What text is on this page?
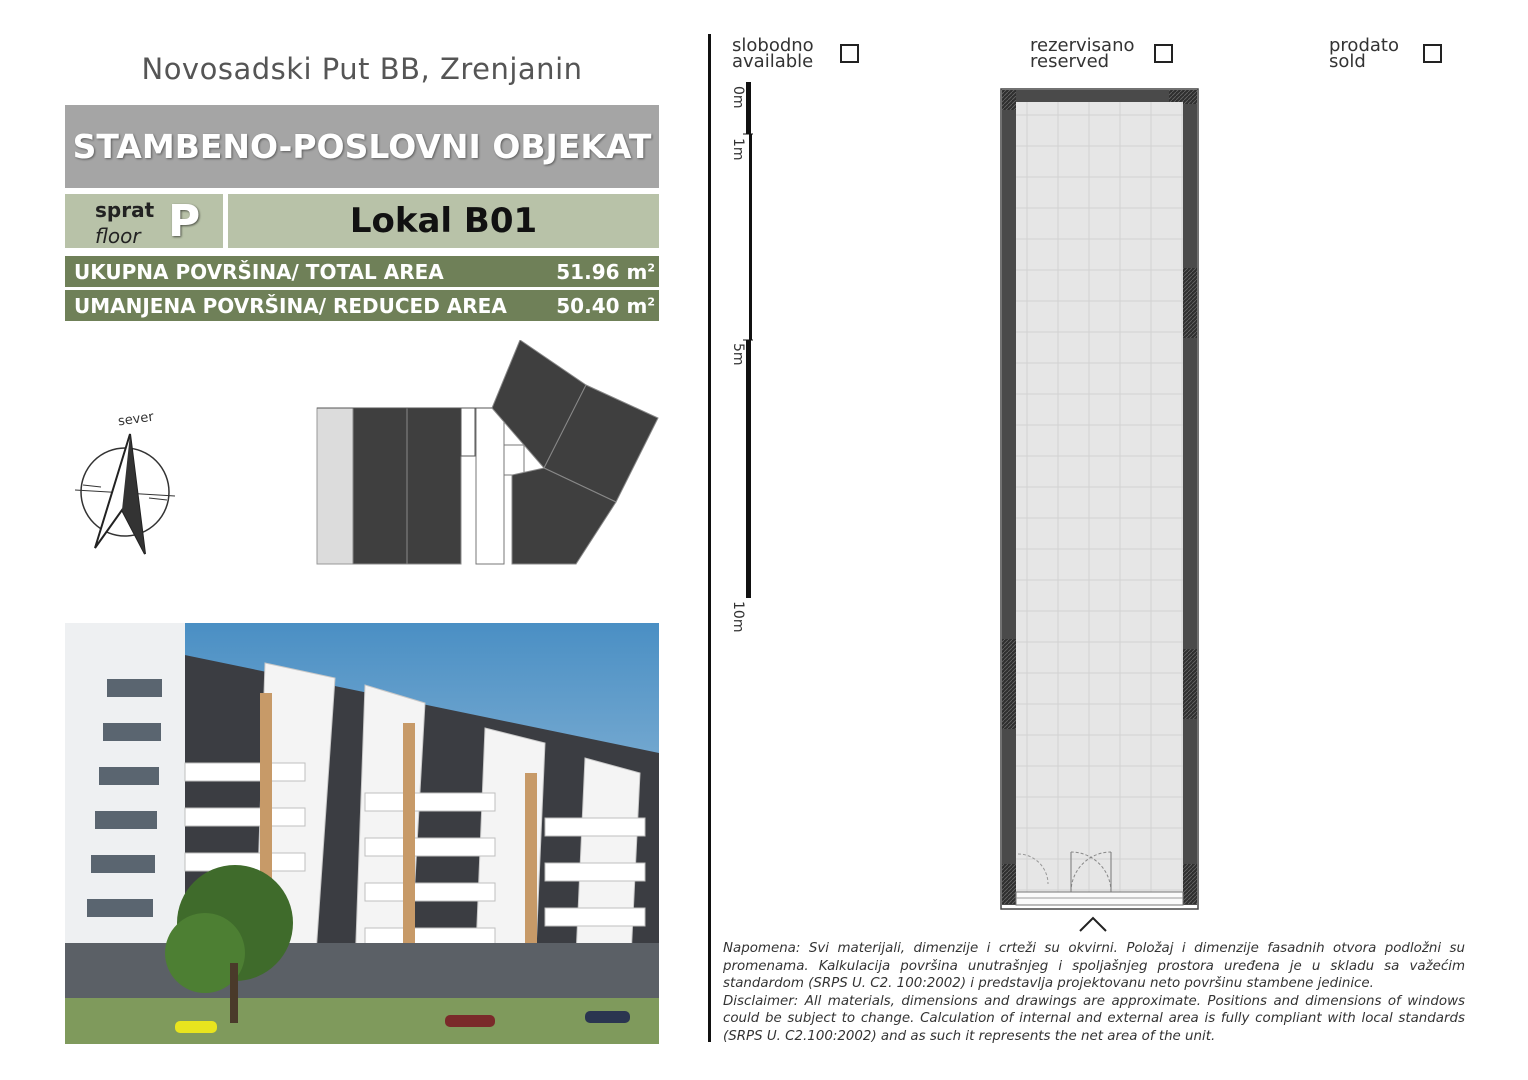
Novosadski Put BB, Zrenjanin
STAMBENO-POSLOVNI OBJEKAT
sprat
floor P	Lokal B01
UKUPNA POVRŠINA/ TOTAL AREA	51.96 $m^2$
UMANJENA POVRŠINA/ REDUCED AREA 50.40 $m^2$
sever
slobodno
available
rezervisano
reserved
prodato
sold
0m
1m
5m
10m
Napomena: Svi materijali, dimenzije i crteži su okvirni. Položaj i dimenzije fasadnih otvora podložni su promenama. Kalkulacija površina unutrašnjeg i spoljašnjeg prostora uređena je u skladu sa važećim standardom (SRPS U. C2. 100:2002) i predstavlja projektovanu neto površinu stambene jedinice.
Disclaimer: All materials, dimensions and drawings are approximate. Positions and dimensions of windows could be subject to change. Calculation of internal and external area is fully compliant with local standards (SRPS U. C2.100:2002) and as such it represents the net area of the unit.
